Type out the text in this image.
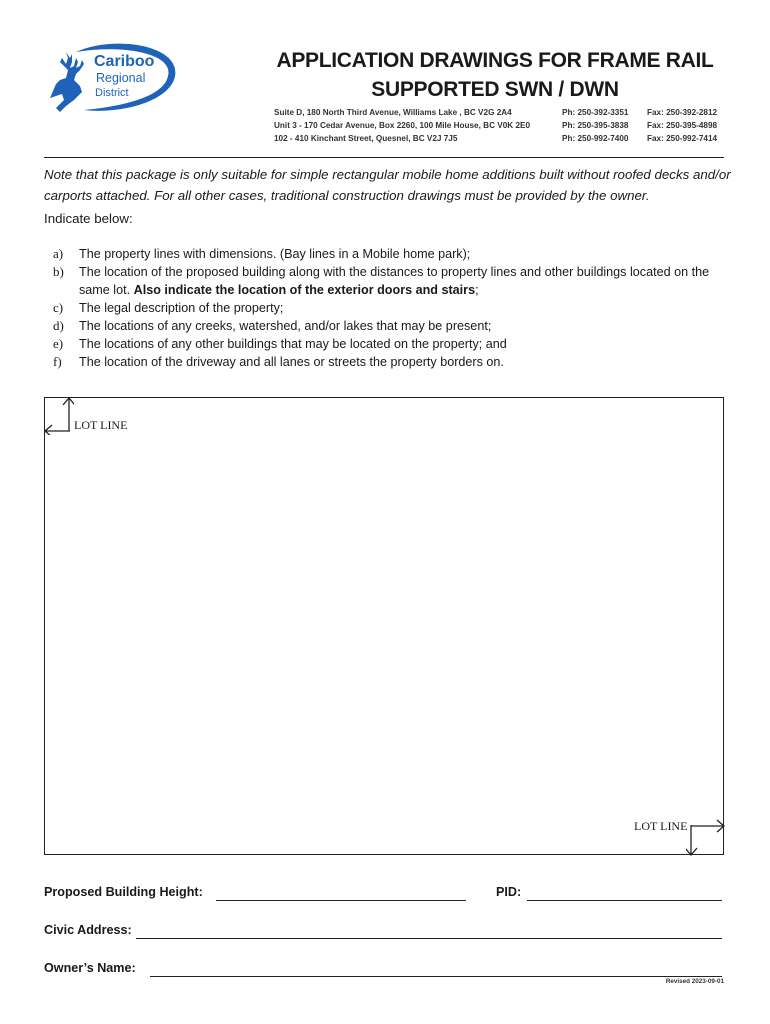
Cariboo
Regional
District
APPLICATION DRAWINGS FOR FRAME RAIL
SUPPORTED SWN / DWN
Suite D, 180 North Third Avenue, Williams Lake , BC V2G 2A4
Unit 3 - 170 Cedar Avenue, Box 2260, 100 Mile House, BC V0K 2E0
102 - 410 Kinchant Street, Quesnel, BC V2J 7J5
Ph: 250-392-3351
Ph: 250-395-3838
Ph: 250-992-7400
Fax: 250-392-2812
Fax: 250-395-4898
Fax: 250-992-7414
Note that this package is only suitable for simple rectangular mobile home additions built without roofed decks and/or carports attached. For all other cases, traditional construction drawings must be provided by the owner.
Indicate below:
a) The property lines with dimensions. (Bay lines in a Mobile home park);
b) The location of the proposed building along with the distances to property lines and other buildings located on the same lot. Also indicate the location of the exterior doors and stairs;
c) The legal description of the property;
d) The locations of any creeks, watershed, and/or lakes that may be present;
e) The locations of any other buildings that may be located on the property; and
f) The location of the driveway and all lanes or streets the property borders on.
LOT LINE
LOT LINE
Proposed Building Height:	PID:
Civic Address:
Owner’s Name:
Revised 2023-09-01
